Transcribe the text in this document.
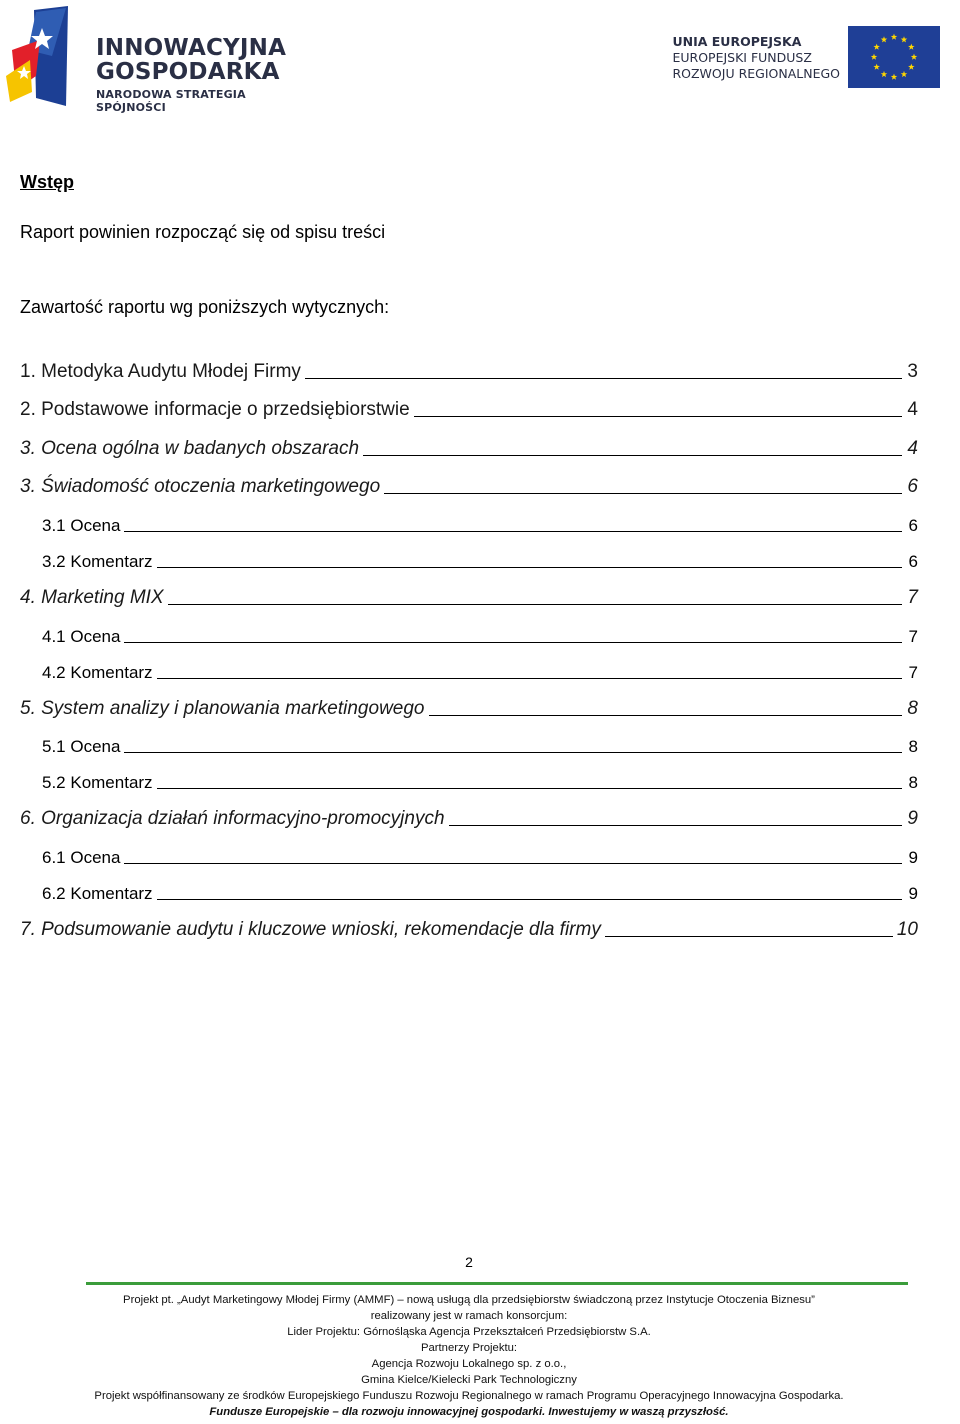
INNOWACYJNA
GOSPODARKA
NARODOWA STRATEGIA SPÓJNOŚCI
UNIA EUROPEJSKA
EUROPEJSKI FUNDUSZ
ROZWOJU REGIONALNEGO
Wstęp
Raport powinien rozpocząć się od spisu treści
Zawartość raportu wg poniższych wytycznych:
1. Metodyka Audytu Młodej Firmy	3
2. Podstawowe informacje o przedsiębiorstwie	4
3. Ocena ogólna w badanych obszarach	4
3. Świadomość otoczenia marketingowego	6
3.1 Ocena	6
3.2 Komentarz	6
4. Marketing MIX	7
4.1 Ocena	7
4.2 Komentarz	7
5. System analizy i planowania marketingowego	8
5.1 Ocena	8
5.2 Komentarz	8
6. Organizacja działań informacyjno-promocyjnych	9
6.1 Ocena	9
6.2 Komentarz	9
7. Podsumowanie audytu i kluczowe wnioski, rekomendacje dla firmy	10
2
Projekt pt. „Audyt Marketingowy Młodej Firmy (AMMF) – nową usługą dla przedsiębiorstw świadczoną przez Instytucje Otoczenia Biznesu”
realizowany jest w ramach konsorcjum:
Lider Projektu: Górnośląska Agencja Przekształceń Przedsiębiorstw S.A.
Partnerzy Projektu:
Agencja Rozwoju Lokalnego sp. z o.o.,
Gmina Kielce/Kielecki Park Technologiczny
Projekt współfinansowany ze środków Europejskiego Funduszu Rozwoju Regionalnego w ramach Programu Operacyjnego Innowacyjna Gospodarka.
Fundusze Europejskie – dla rozwoju innowacyjnej gospodarki. Inwestujemy w waszą przyszłość.
